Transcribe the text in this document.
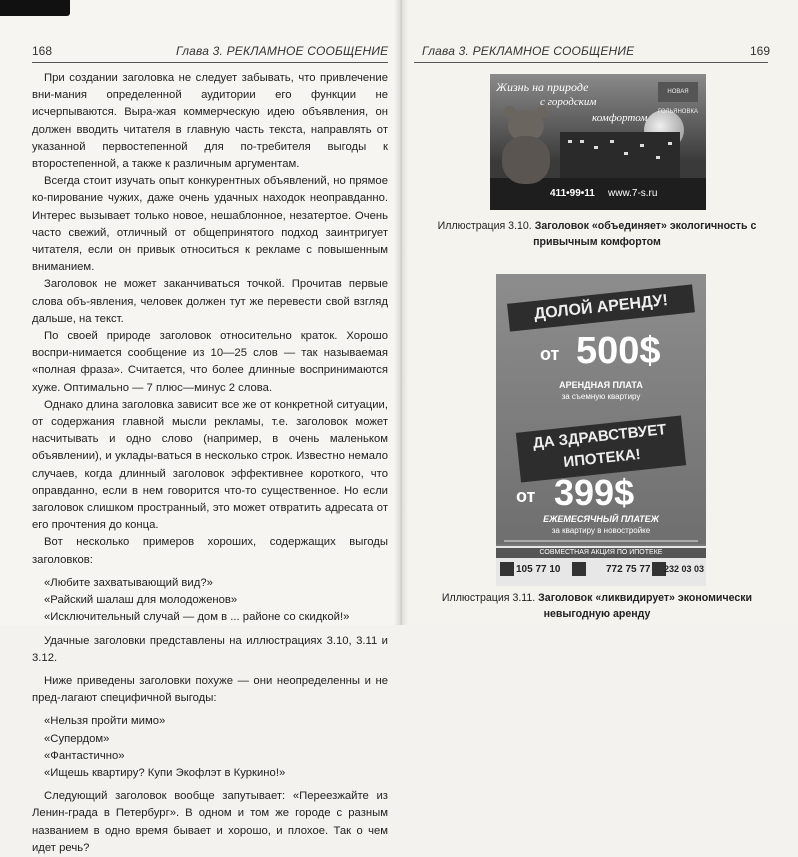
168	Глава 3. РЕКЛАМНОЕ СООБЩЕНИЕ

При создании заголовка не следует забывать, что привлечение вни-мания определенной аудитории его функции не исчерпываются. Выра-жая коммерческую идею объявления, он должен вводить читателя в главную часть текста, направлять от указанной первостепенной для по-требителя выгоды к второстепенной, а также к различным аргументам.

Всегда стоит изучать опыт конкурентных объявлений, но прямое ко-пирование чужих, даже очень удачных находок неоправданно. Интерес вызывает только новое, нешаблонное, незатертое. Очень часто свежий, отличный от общепринятого подход заинтригует читателя, если он привык относиться к рекламе с повышенным вниманием.

Заголовок не может заканчиваться точкой. Прочитав первые слова объ-явления, человек должен тут же перевести свой взгляд дальше, на текст.

По своей природе заголовок относительно краток. Хорошо воспри-нимается сообщение из 10—25 слов — так называемая «полная фраза». Считается, что более длинные воспринимаются хуже. Оптимально — 7 плюс—минус 2 слова.

Однако длина заголовка зависит все же от конкретной ситуации, от содержания главной мысли рекламы, т.е. заголовок может насчитывать и одно слово (например, в очень маленьком объявлении), и уклады-ваться в несколько строк. Известно немало случаев, когда длинный заголовок эффективнее короткого, что оправданно, если в нем говорится что-то существенное. Но если заголовок слишком пространный, это может отвратить адресата от его прочтения до конца.

Вот несколько примеров хороших, содержащих выгоды заголовков:

«Любите захватывающий вид?»

«Райский шалаш для молодоженов»

«Исключительный случай — дом в ... районе со скидкой!»

Удачные заголовки представлены на иллюстрациях 3.10, 3.11 и 3.12.

Ниже приведены заголовки похуже — они неопределенны и не пред-лагают специфичной выгоды:

«Нельзя пройти мимо»

«Супердом»

«Фантастично»

«Ищешь квартиру? Купи Экофлэт в Куркино!»

Следующий заголовок вообще запутывает: «Переезжайте из Ленин-града в Петербург». В одном и том же городе с разным названием в одно время бывает и хорошо, и плохое. Так о чем идет речь?

Глава 3. РЕКЛАМНОЕ СООБЩЕНИЕ	169
Жизнь на природе
с городским
комфортом
НОВАЯ ГОЛЬЯНОВКА
411•99•11 www.7-s.ru
Иллюстрация 3.10. Заголовок «объединяет» экологичность с привычным комфортом
ДОЛОЙ АРЕНДУ!
от 500$
АРЕНДНАЯ ПЛАТА
за съемную квартиру
ДА ЗДРАВСТВУЕТ
ИПОТЕКА!
от 399$
ЕЖЕМЕСЯЧНЫЙ ПЛАТЕЖ
за квартиру в новостройке
СОВМЕСТНАЯ АКЦИЯ ПО ИПОТЕКЕ
105 77 10	772 75 77 232 03 03
Иллюстрация 3.11. Заголовок «ликвидирует» экономически невыгодную аренду
